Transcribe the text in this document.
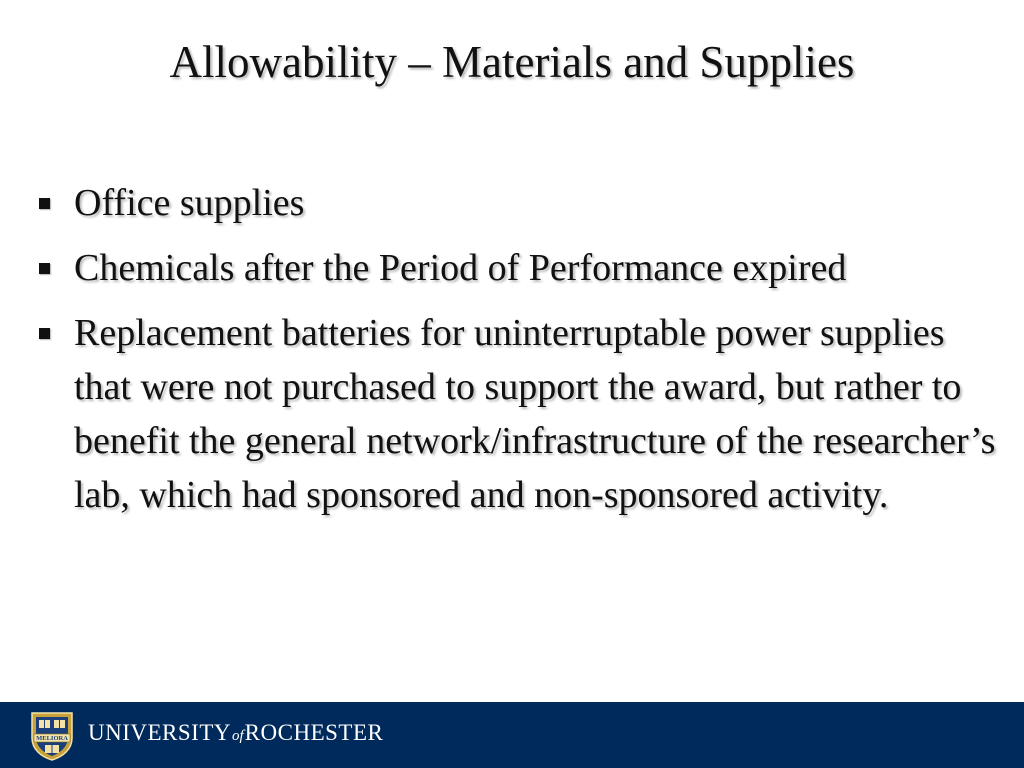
Allowability – Materials and Supplies
Office supplies
Chemicals after the Period of Performance expired
Replacement batteries for uninterruptable power supplies that were not purchased to support the award, but rather to benefit the general network/infrastructure of the researcher’s lab, which had sponsored and non-sponsored activity.
MELIORA UNIVERSITYofROCHESTER
